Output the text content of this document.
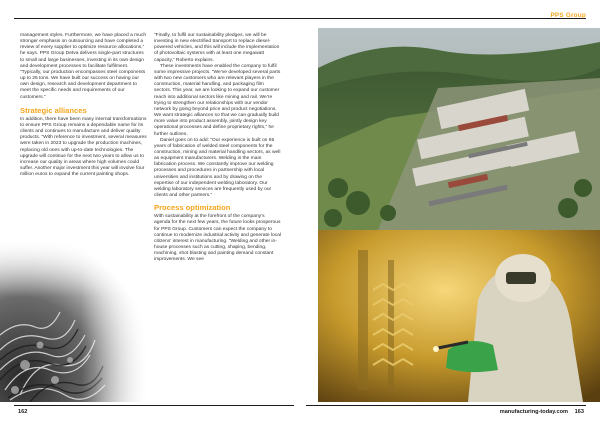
PPS Group

management styles. Furthermore, we have placed a much stronger emphasis on outsourcing and have completed a review of every supplier to optimize resource allocations,” he says. PPS Group Detva delivers single-part structures to small and large businesses, investing in its own design and development processes to facilitate fulfilment. “Typically, our production encompasses steel components up to 25 tons. We have built our success on having our own design, research and development department to meet the specific needs and requirements of our customers.”

Strategic alliances

In addition, there have been many internal transformations to ensure PPS Group remains a dependable name for its clients and continues to manufacture and deliver quality products. “With reference to investment, several measures were taken in 2023 to upgrade the production machines, replacing old ones with up-to-date technologies. The upgrade will continue for the next two years to allow us to increase our quality in areas where high volumes could suffer. Another major investment this year will involve four million euros to expand the current painting shops.

“Finally, to fulfil our sustainability pledges, we will be investing in new electrified transport to replace diesel-powered vehicles, and this will include the implementation of photovoltaic systems with at least one megawatt capacity,” Roberto explains.

These investments have enabled the company to fulfil some impressive projects. “We’ve developed several parts with two new customers who are relevant players in the construction, material handling, and packaging film sectors. This year, we are looking to expand our customer reach into additional sectors like mining and rail. We’re trying to strengthen our relationships with our vendor network by going beyond price and product negotiations. We want strategic alliances so that we can gradually build more value into product assembly, jointly design key operational processes and define proprietary rights,” he further outlines.

Daniel goes on to add: “Our experience is built on 65 years of fabrication of welded steel components for the construction, mining and material handling sectors, as well as equipment manufacturers. Welding is the main fabrication process. We constantly improve our welding processes and procedures in partnership with local universities and institutions and by drawing on the expertise of our independent welding laboratory. Our welding laboratory services are frequently used by our clients and other partners.”

Process optimization

With sustainability at the forefront of the company’s agenda for the next few years, the future looks prosperous for PPS Group. Customers can expect the company to continue to modernize industrial activity and generate local citizens’ interest in manufacturing. “Welding and other in-house processes such as cutting, shaping, bending, machining, shot blasting and painting demand constant improvements. We see

162	manufacturing-today.com 163
